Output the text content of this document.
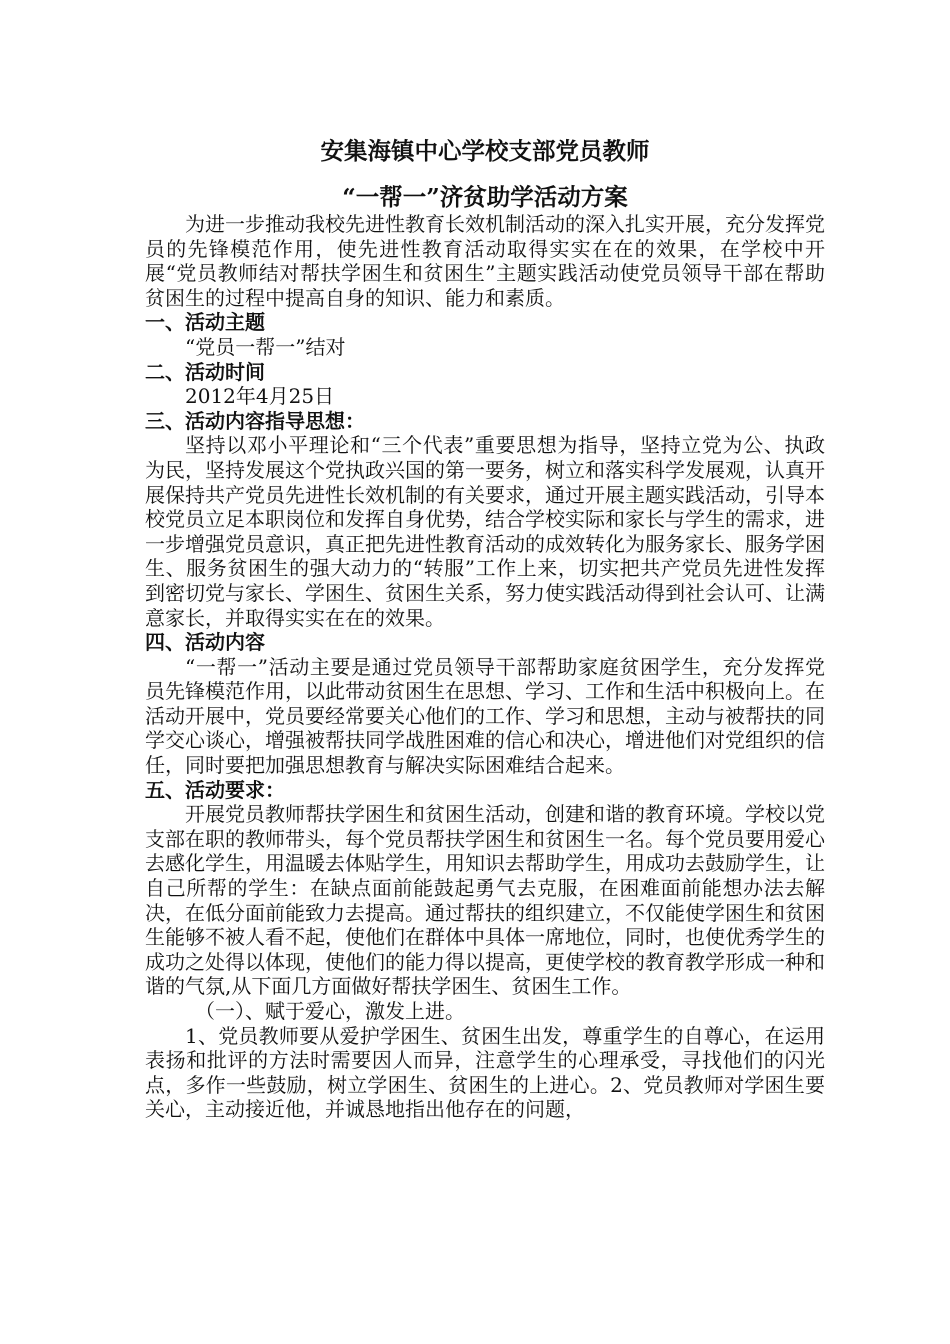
安集海镇中心学校支部党员教师
“一帮一”济贫助学活动方案

为进一步推动我校先进性教育长效机制活动的深入扎实开展，充分发挥党员的先锋模范作用，使先进性教育活动取得实实在在的效果，在学校中开展“党员教师结对帮扶学困生和贫困生”主题实践活动使党员领导干部在帮助贫困生的过程中提高自身的知识、能力和素质。

一、活动主题

“党员一帮一”结对

二、活动时间

2012年4月25日

三、活动内容指导思想：

坚持以邓小平理论和“三个代表”重要思想为指导，坚持立党为公、执政为民，坚持发展这个党执政兴国的第一要务，树立和落实科学发展观，认真开展保持共产党员先进性长效机制的有关要求，通过开展主题实践活动，引导本校党员立足本职岗位和发挥自身优势，结合学校实际和家长与学生的需求，进一步增强党员意识，真正把先进性教育活动的成效转化为服务家长、服务学困生、服务贫困生的强大动力的“转服”工作上来，切实把共产党员先进性发挥到密切党与家长、学困生、贫困生关系，努力使实践活动得到社会认可、让满意家长，并取得实实在在的效果。

四、活动内容

“一帮一”活动主要是通过党员领导干部帮助家庭贫困学生，充分发挥党员先锋模范作用，以此带动贫困生在思想、学习、工作和生活中积极向上。在活动开展中，党员要经常要关心他们的工作、学习和思想，主动与被帮扶的同学交心谈心，增强被帮扶同学战胜困难的信心和决心，增进他们对党组织的信任，同时要把加强思想教育与解决实际困难结合起来。

五、活动要求：

开展党员教师帮扶学困生和贫困生活动，创建和谐的教育环境。学校以党支部在职的教师带头，每个党员帮扶学困生和贫困生一名。每个党员要用爱心去感化学生，用温暖去体贴学生，用知识去帮助学生，用成功去鼓励学生，让自己所帮的学生：在缺点面前能鼓起勇气去克服，在困难面前能想办法去解决，在低分面前能致力去提高。通过帮扶的组织建立，不仅能使学困生和贫困生能够不被人看不起，使他们在群体中具体一席地位，同时，也使优秀学生的成功之处得以体现，使他们的能力得以提高，更使学校的教育教学形成一种和谐的气氛,从下面几方面做好帮扶学困生、贫困生工作。

（一）、赋于爱心，激发上进。

1、党员教师要从爱护学困生、贫困生出发，尊重学生的自尊心，在运用表扬和批评的方法时需要因人而异，注意学生的心理承受，寻找他们的闪光点，多作一些鼓励，树立学困生、贫困生的上进心。2、党员教师对学困生要关心，主动接近他，并诚恳地指出他存在的问题，
